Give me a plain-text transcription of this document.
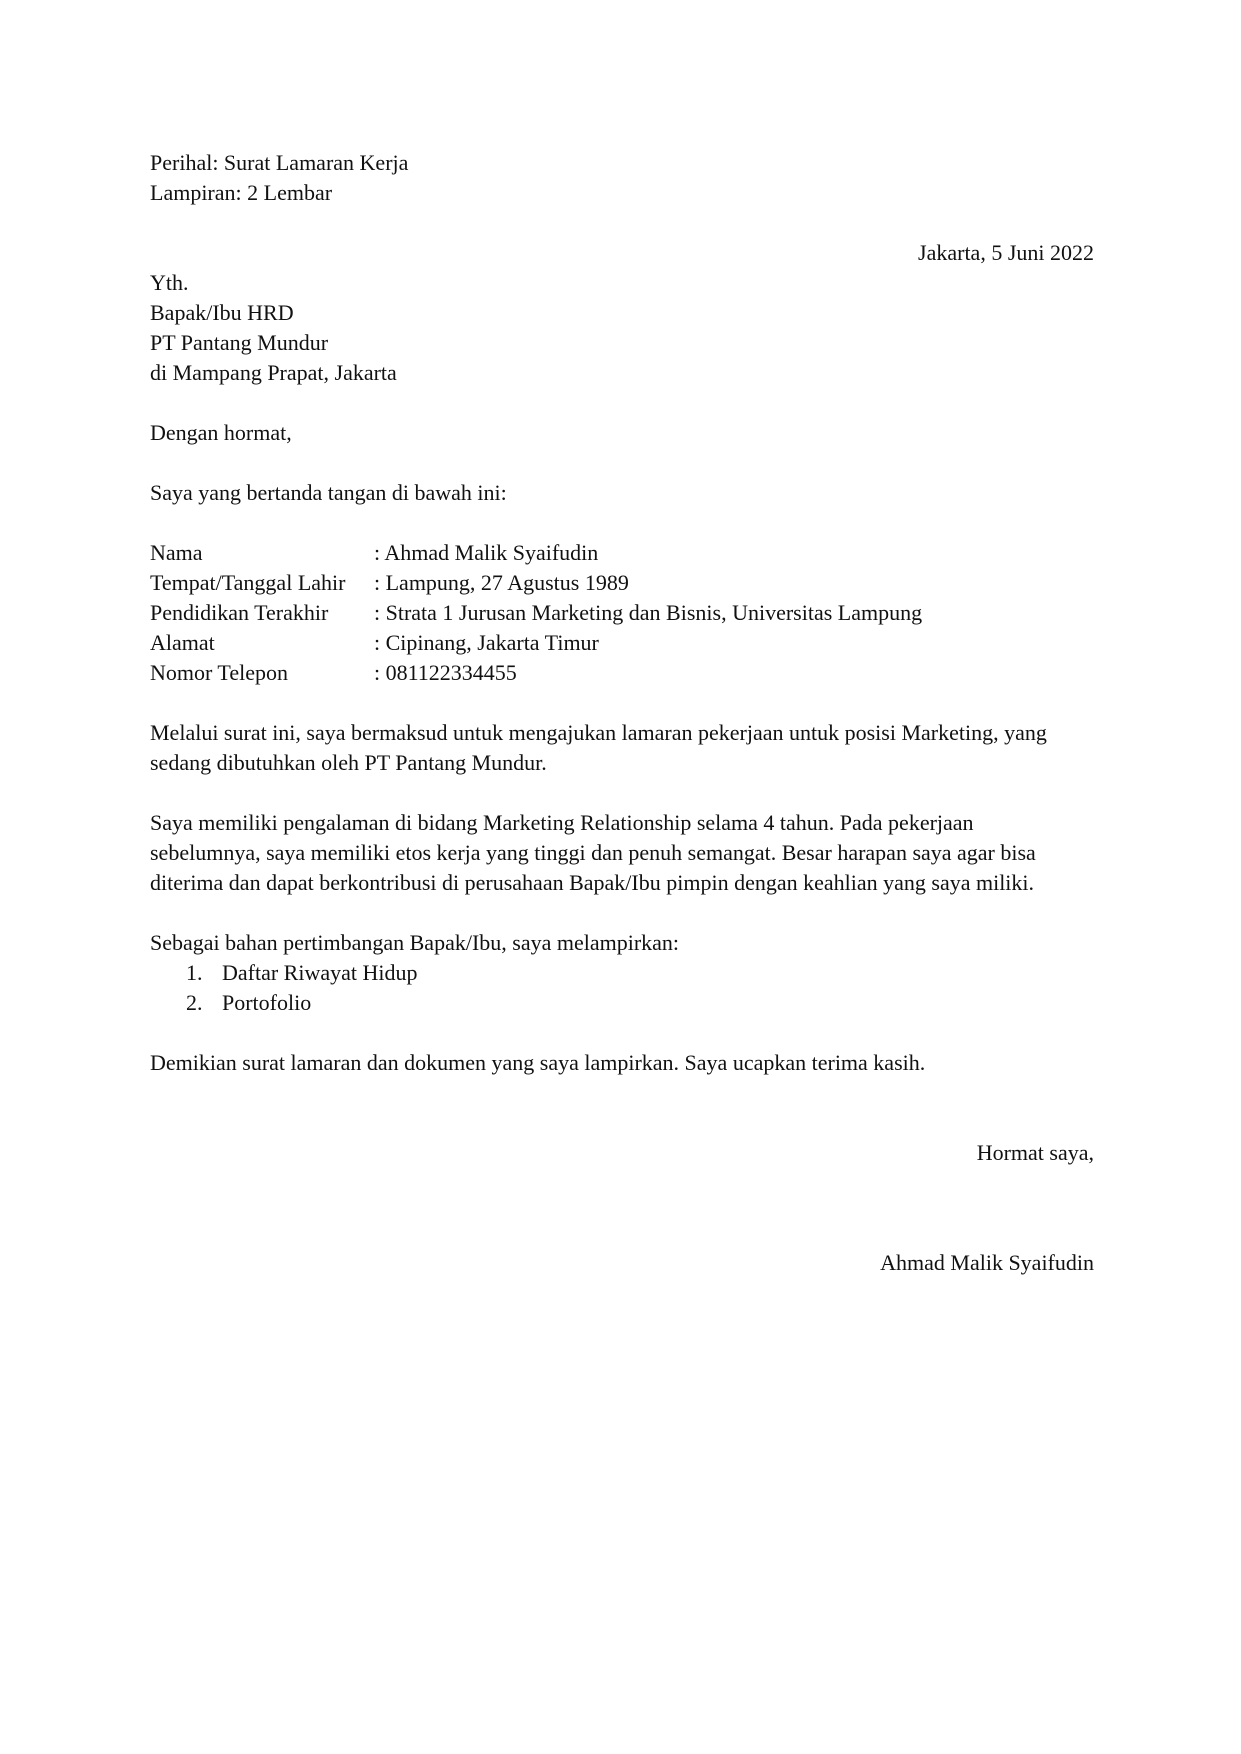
Perihal: Surat Lamaran Kerja
Lampiran: 2 Lembar
Jakarta, 5 Juni 2022
Yth.
Bapak/Ibu HRD
PT Pantang Mundur
di Mampang Prapat, Jakarta
Dengan hormat,
Saya yang bertanda tangan di bawah ini:
Nama	: Ahmad Malik Syaifudin
Tempat/Tanggal Lahir	: Lampung, 27 Agustus 1989
Pendidikan Terakhir	: Strata 1 Jurusan Marketing dan Bisnis, Universitas Lampung
Alamat	: Cipinang, Jakarta Timur
Nomor Telepon	: 081122334455
Melalui surat ini, saya bermaksud untuk mengajukan lamaran pekerjaan untuk posisi Marketing, yang
sedang dibutuhkan oleh PT Pantang Mundur.
Saya memiliki pengalaman di bidang Marketing Relationship selama 4 tahun. Pada pekerjaan
sebelumnya, saya memiliki etos kerja yang tinggi dan penuh semangat. Besar harapan saya agar bisa
diterima dan dapat berkontribusi di perusahaan Bapak/Ibu pimpin dengan keahlian yang saya miliki.
Sebagai bahan pertimbangan Bapak/Ibu, saya melampirkan:
1. Daftar Riwayat Hidup
2. Portofolio
Demikian surat lamaran dan dokumen yang saya lampirkan. Saya ucapkan terima kasih.
Hormat saya,
Ahmad Malik Syaifudin
